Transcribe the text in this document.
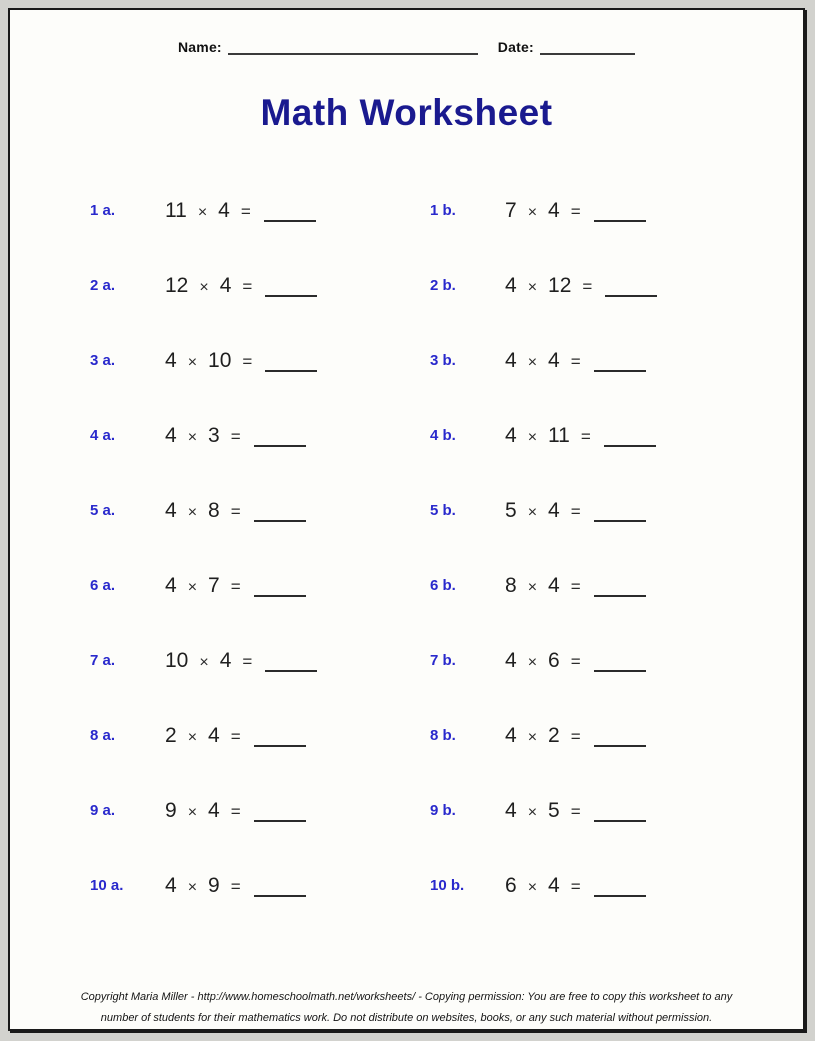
Name:	Date:
Math Worksheet
1 a.	11 × 4 =	1 b.	7 × 4 =
2 a.	12 × 4 =	2 b.	4 × 12 =
3 a.	4 × 10 =	3 b.	4 × 4 =
4 a.	4 × 3 =	4 b.	4 × 11 =
5 a.	4 × 8 =	5 b.	5 × 4 =
6 a.	4 × 7 =	6 b.	8 × 4 =
7 a.	10 × 4 =	7 b.	4 × 6 =
8 a.	2 × 4 =	8 b.	4 × 2 =
9 a.	9 × 4 =	9 b.	4 × 5 =
10 a.	4 × 9 =	10 b.	6 × 4 =
Copyright Maria Miller - http://www.homeschoolmath.net/worksheets/ - Copying permission: You are free to copy this worksheet to any
number of students for their mathematics work. Do not distribute on websites, books, or any such material without permission.
